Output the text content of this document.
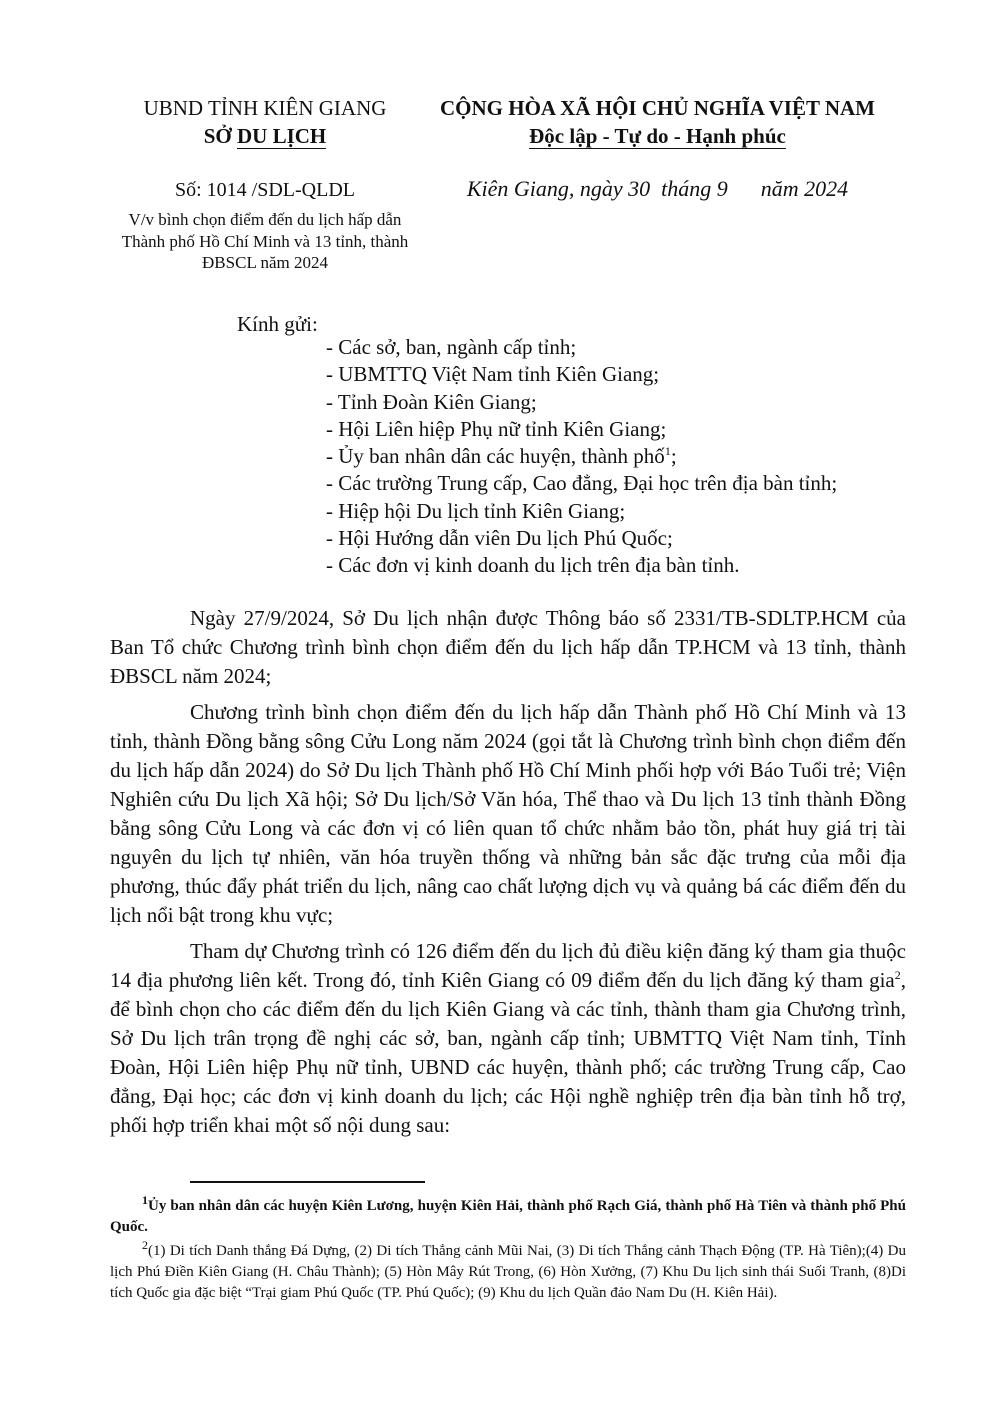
UBND TỈNH KIÊN GIANG
SỞ DU LỊCH
CỘNG HÒA XÃ HỘI CHỦ NGHĨA VIỆT NAM
Độc lập - Tự do - Hạnh phúc
Số: 1014 /SDL-QLDL	Kiên Giang, ngày 30  tháng 9      năm 2024
V/v bình chọn điểm đến du lịch hấp dẫn Thành phố Hồ Chí Minh và 13 tỉnh, thành ĐBSCL năm 2024
Kính gửi:
- Các sở, ban, ngành cấp tỉnh;
- UBMTTQ Việt Nam tỉnh Kiên Giang;
- Tỉnh Đoàn Kiên Giang;
- Hội Liên hiệp Phụ nữ tỉnh Kiên Giang;
- Ủy ban nhân dân các huyện, thành phố$^1$;
- Các trường Trung cấp, Cao đẳng, Đại học trên địa bàn tỉnh;
- Hiệp hội Du lịch tỉnh Kiên Giang;
- Hội Hướng dẫn viên Du lịch Phú Quốc;
- Các đơn vị kinh doanh du lịch trên địa bàn tỉnh.

Ngày 27/9/2024, Sở Du lịch nhận được Thông báo số 2331/TB-SDLTP.HCM của Ban Tổ chức Chương trình bình chọn điểm đến du lịch hấp dẫn TP.HCM và 13 tỉnh, thành ĐBSCL năm 2024;

Chương trình bình chọn điểm đến du lịch hấp dẫn Thành phố Hồ Chí Minh và 13 tỉnh, thành Đồng bằng sông Cửu Long năm 2024 (gọi tắt là Chương trình bình chọn điểm đến du lịch hấp dẫn 2024) do Sở Du lịch Thành phố Hồ Chí Minh phối hợp với Báo Tuổi trẻ; Viện Nghiên cứu Du lịch Xã hội; Sở Du lịch/Sở Văn hóa, Thể thao và Du lịch 13 tỉnh thành Đồng bằng sông Cửu Long và các đơn vị có liên quan tổ chức nhằm bảo tồn, phát huy giá trị tài nguyên du lịch tự nhiên, văn hóa truyền thống và những bản sắc đặc trưng của mỗi địa phương, thúc đẩy phát triển du lịch, nâng cao chất lượng dịch vụ và quảng bá các điểm đến du lịch nổi bật trong khu vực;

Tham dự Chương trình có 126 điểm đến du lịch đủ điều kiện đăng ký tham gia thuộc 14 địa phương liên kết. Trong đó, tỉnh Kiên Giang có 09 điểm đến du lịch đăng ký tham gia$^2$, để bình chọn cho các điểm đến du lịch Kiên Giang và các tỉnh, thành tham gia Chương trình, Sở Du lịch trân trọng đề nghị các sở, ban, ngành cấp tỉnh; UBMTTQ Việt Nam tỉnh, Tỉnh Đoàn, Hội Liên hiệp Phụ nữ tỉnh, UBND các huyện, thành phố; các trường Trung cấp, Cao đẳng, Đại học; các đơn vị kinh doanh du lịch; các Hội nghề nghiệp trên địa bàn tỉnh hỗ trợ, phối hợp triển khai một số nội dung sau:

$^1$Ủy ban nhân dân các huyện Kiên Lương, huyện Kiên Hải, thành phố Rạch Giá, thành phố Hà Tiên và thành phố Phú Quốc.

$^2$(1) Di tích Danh thắng Đá Dựng, (2) Di tích Thắng cảnh Mũi Nai, (3) Di tích Thắng cảnh Thạch Động (TP. Hà Tiên);(4) Du lịch Phú Điền Kiên Giang (H. Châu Thành); (5) Hòn Mây Rút Trong, (6) Hòn Xưởng, (7) Khu Du lịch sinh thái Suối Tranh, (8)Di tích Quốc gia đặc biệt “Trại giam Phú Quốc (TP. Phú Quốc); (9) Khu du lịch Quần đảo Nam Du (H. Kiên Hải).
